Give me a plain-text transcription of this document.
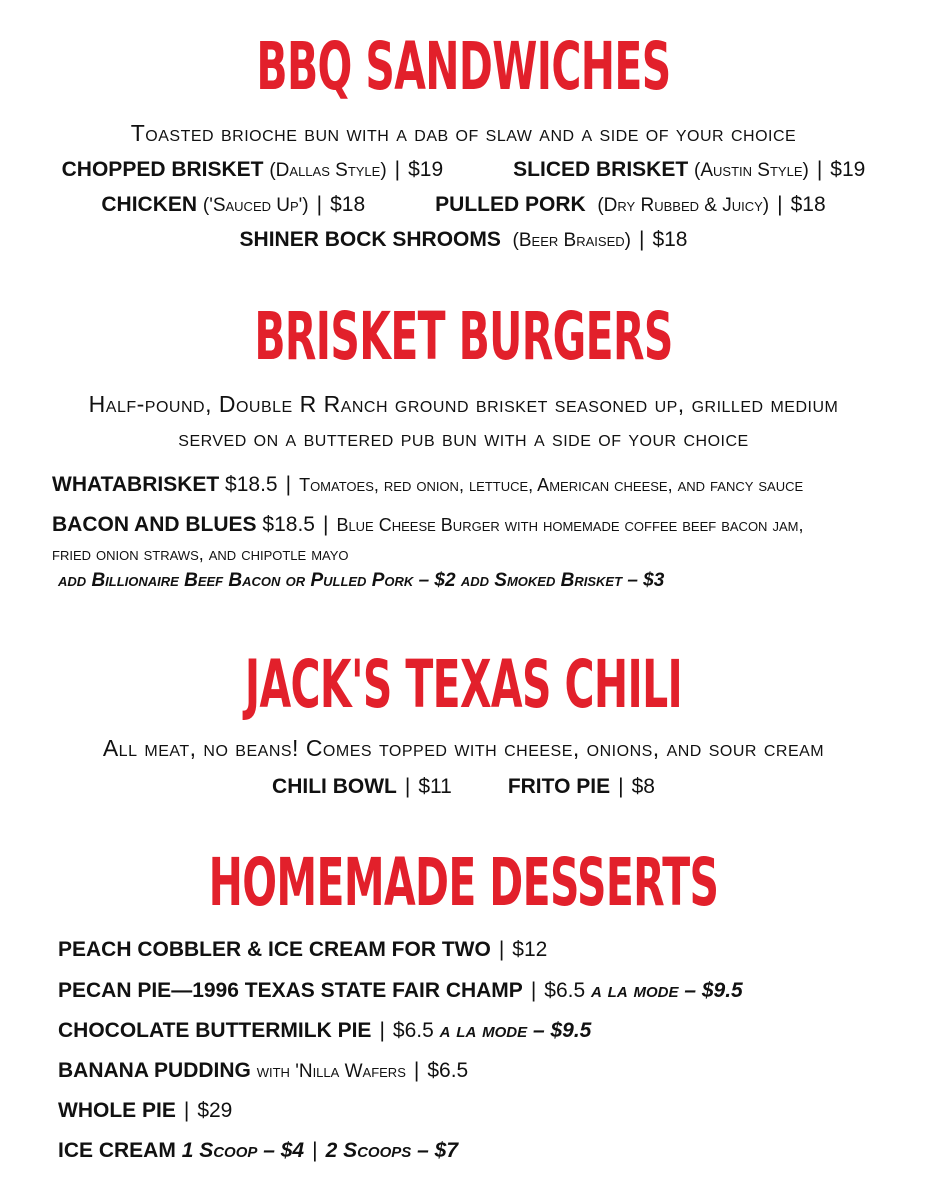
BBQ SANDWICHES
Toasted brioche bun with a dab of slaw and a side of your choice
CHOPPED BRISKET (Dallas Style) | $19	SLICED BRISKET (Austin Style) | $19
CHICKEN ('Sauced Up') | $18	PULLED PORK (Dry Rubbed & Juicy) | $18
SHINER BOCK SHROOMS (Beer Braised) | $18
BRISKET BURGERS
Half-pound, Double R Ranch ground brisket seasoned up, grilled medium
served on a buttered pub bun with a side of your choice
WHATABRISKET $18.5 | Tomatoes, red onion, lettuce, American cheese, and fancy sauce
BACON AND BLUES $18.5 | Blue Cheese Burger with homemade coffee beef bacon jam,
fried onion straws, and chipotle mayo
add Billionaire Beef Bacon or Pulled Pork – $2 add Smoked Brisket – $3
JACK'S TEXAS CHILI
All meat, no beans! Comes topped with cheese, onions, and sour cream
CHILI BOWL | $11	FRITO PIE | $8
HOMEMADE DESSERTS
PEACH COBBLER & ICE CREAM FOR TWO | $12
PECAN PIE—1996 TEXAS STATE FAIR CHAMP | $6.5 a la mode – $9.5
CHOCOLATE BUTTERMILK PIE | $6.5 a la mode – $9.5
BANANA PUDDING with 'Nilla Wafers | $6.5
WHOLE PIE | $29
ICE CREAM 1 Scoop – $4 | 2 Scoops – $7
